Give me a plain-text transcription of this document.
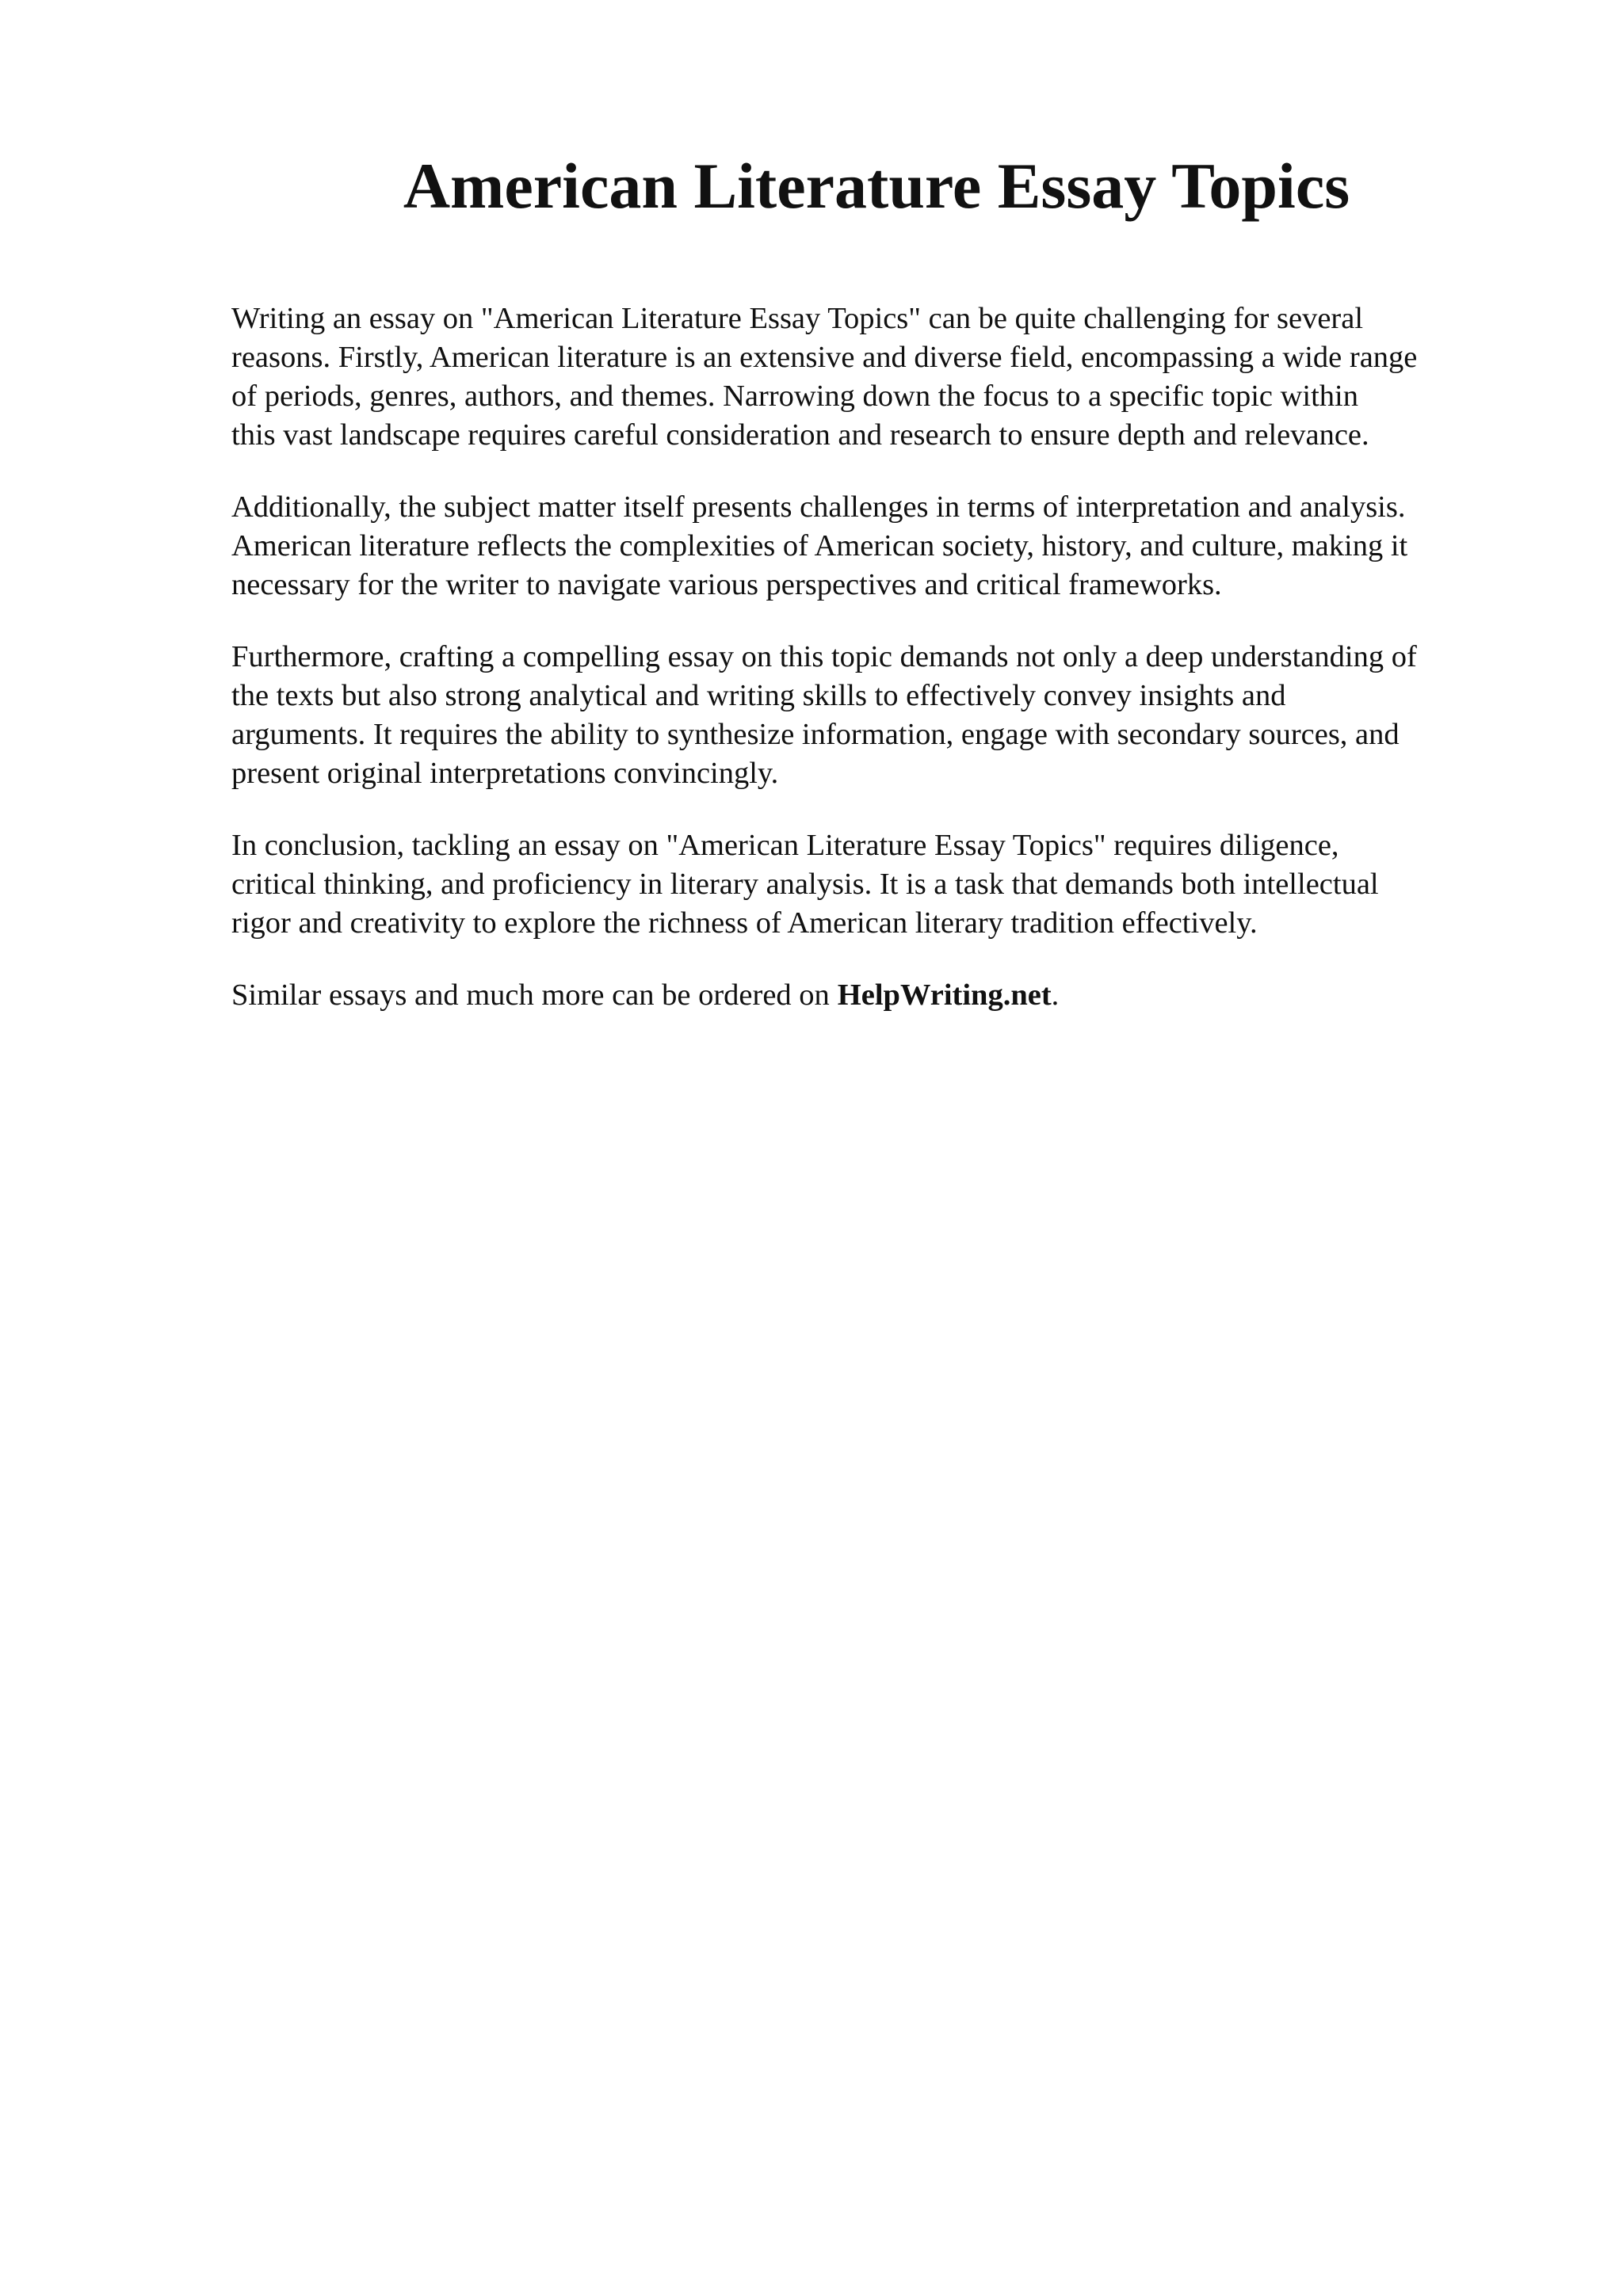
American Literature Essay Topics

Writing an essay on "American Literature Essay Topics" can be quite challenging for several
reasons. Firstly, American literature is an extensive and diverse field, encompassing a wide range
of periods, genres, authors, and themes. Narrowing down the focus to a specific topic within
this vast landscape requires careful consideration and research to ensure depth and relevance.

Additionally, the subject matter itself presents challenges in terms of interpretation and analysis.
American literature reflects the complexities of American society, history, and culture, making it
necessary for the writer to navigate various perspectives and critical frameworks.

Furthermore, crafting a compelling essay on this topic demands not only a deep understanding of
the texts but also strong analytical and writing skills to effectively convey insights and
arguments. It requires the ability to synthesize information, engage with secondary sources, and
present original interpretations convincingly.

In conclusion, tackling an essay on "American Literature Essay Topics" requires diligence,
critical thinking, and proficiency in literary analysis. It is a task that demands both intellectual
rigor and creativity to explore the richness of American literary tradition effectively.

Similar essays and much more can be ordered on HelpWriting.net.
